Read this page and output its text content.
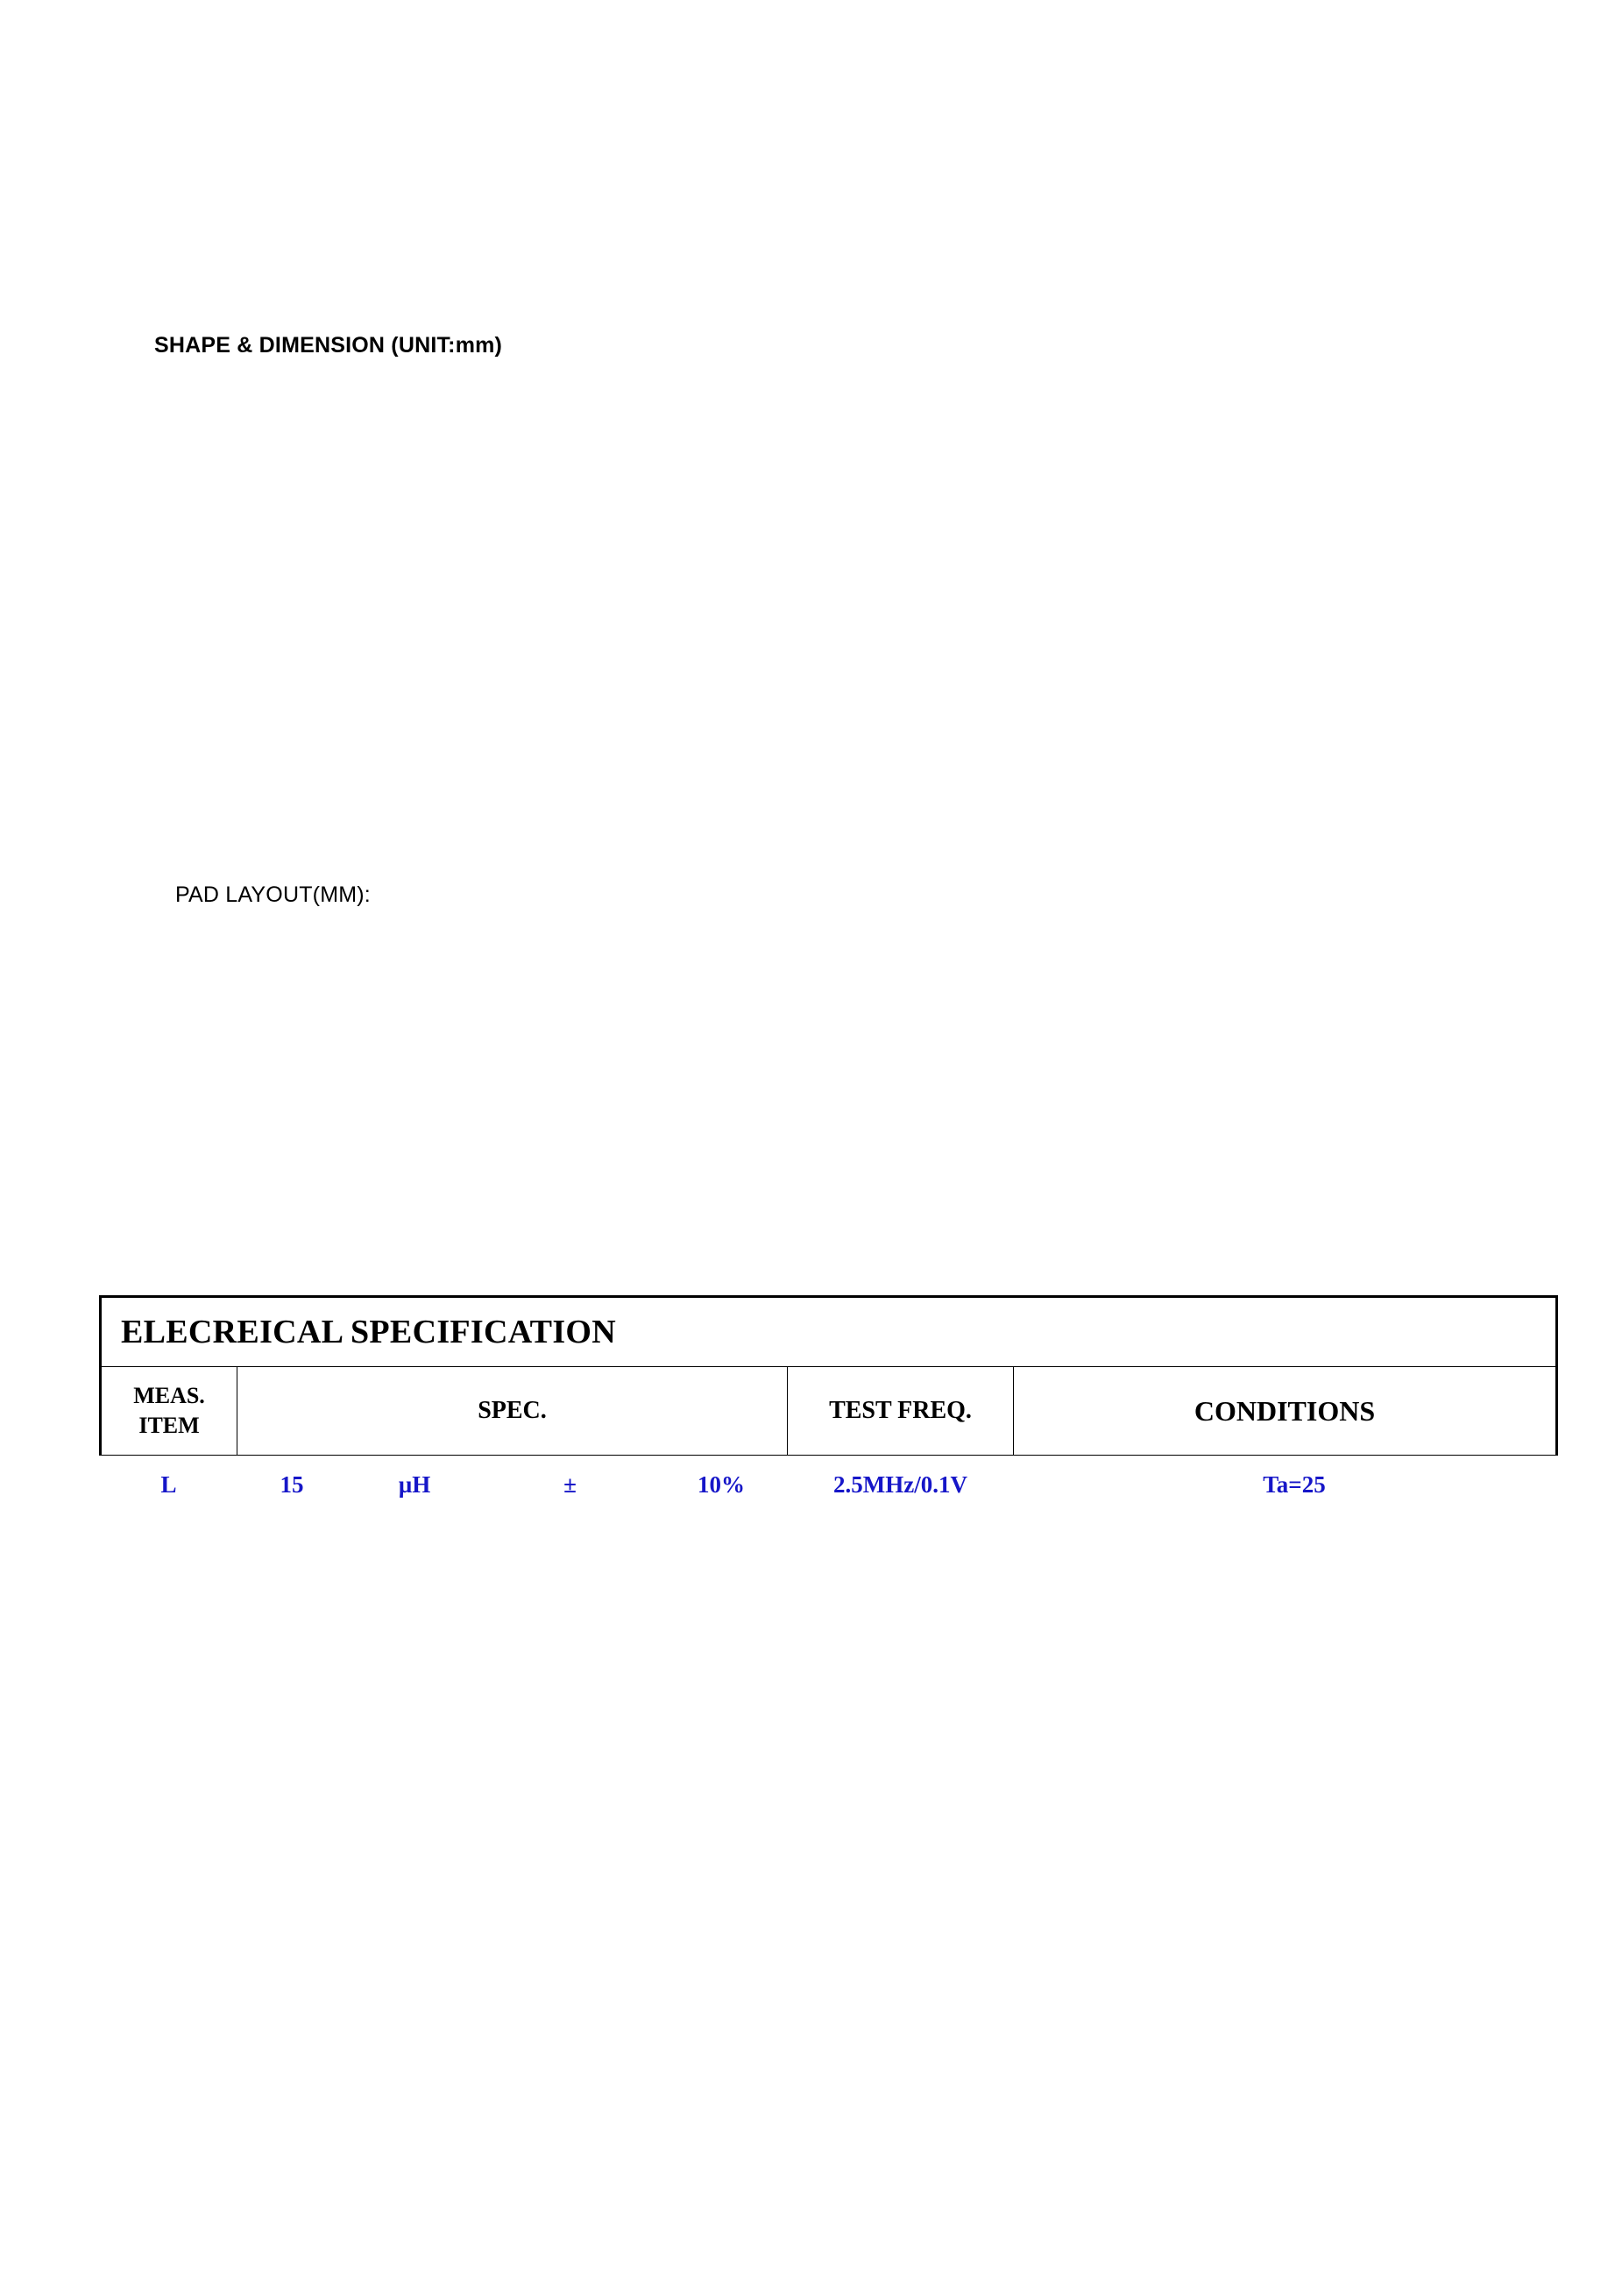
SHAPE & DIMENSION (UNIT:mm)
PAD LAYOUT(MM):
ELECREICAL SPECIFICATION			

MEAS.
ITEM	SPEC.	TEST FREQ.	CONDITIONS
L	15 µH ± 10%	2.5MHz/0.1V	Ta=25
